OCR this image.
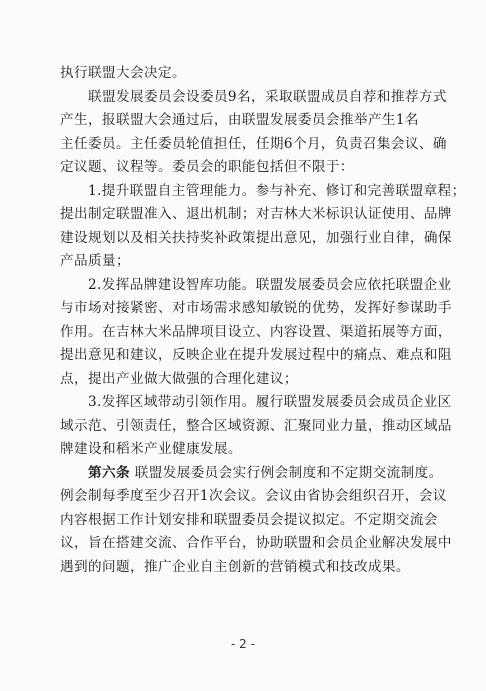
执行联盟大会决定。
联盟发展委员会设委员9名，采取联盟成员自荐和推荐方式
产生，报联盟大会通过后，由联盟发展委员会推举产生1名
主任委员。主任委员轮值担任，任期6个月，负责召集会议、确
定议题、议程等。委员会的职能包括但不限于：
1.提升联盟自主管理能力。参与补充、修订和完善联盟章程；
提出制定联盟准入、退出机制；对吉林大米标识认证使用、品牌
建设规划以及相关扶持奖补政策提出意见，加强行业自律，确保
产品质量；
2.发挥品牌建设智库功能。联盟发展委员会应依托联盟企业
与市场对接紧密、对市场需求感知敏锐的优势，发挥好参谋助手
作用。在吉林大米品牌项目设立、内容设置、渠道拓展等方面，
提出意见和建议，反映企业在提升发展过程中的痛点、难点和阻
点，提出产业做大做强的合理化建议；
3.发挥区域带动引领作用。履行联盟发展委员会成员企业区
域示范、引领责任，整合区域资源、汇聚同业力量，推动区域品
牌建设和稻米产业健康发展。
第六条 联盟发展委员会实行例会制度和不定期交流制度。
例会制每季度至少召开1次会议。会议由省协会组织召开，会议
内容根据工作计划安排和联盟委员会提议拟定。不定期交流会
议，旨在搭建交流、合作平台，协助联盟和会员企业解决发展中
遇到的问题，推广企业自主创新的营销模式和技改成果。
- 2 -
